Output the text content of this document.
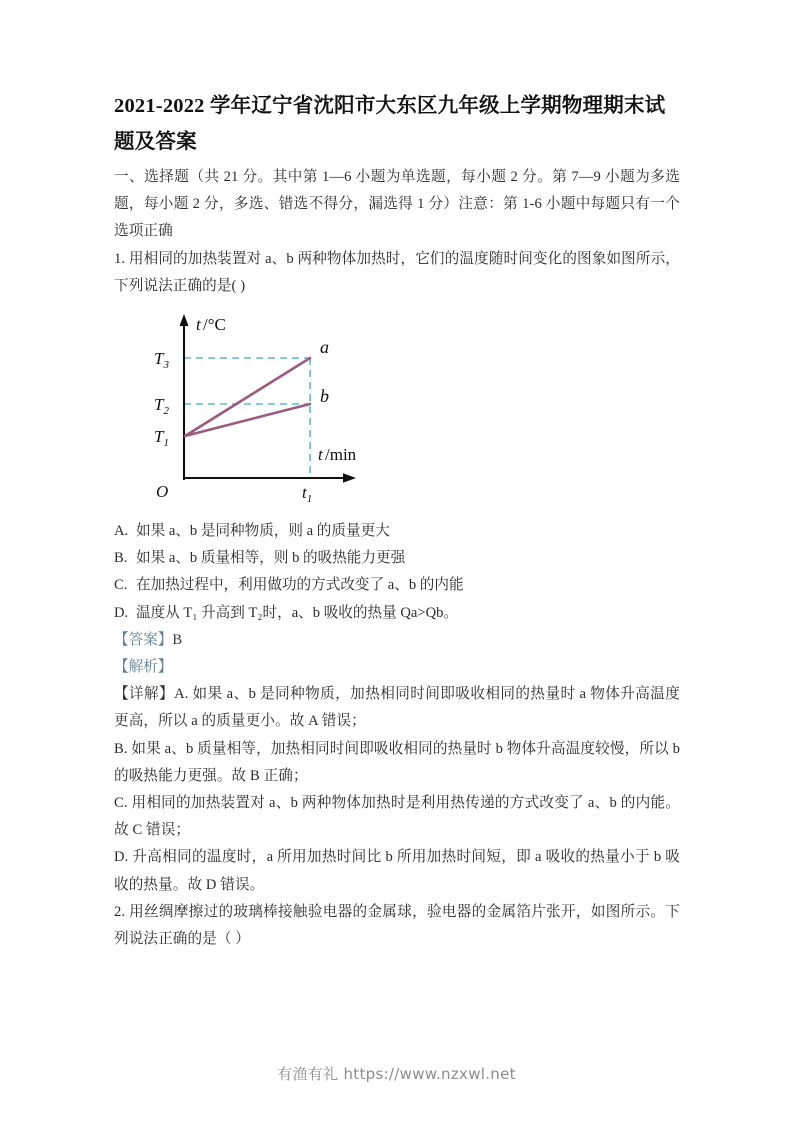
2021-2022 学年辽宁省沈阳市大东区九年级上学期物理期末试题及答案

一、选择题（共 21 分。其中第 1—6 小题为单选题，每小题 2 分。第 7—9 小题为多选题，每小题 2 分，多选、错选不得分，漏选得 1 分）注意：第 1-6 小题中每题只有一个选项正确

1. 用相同的加热装置对 a、b 两种物体加热时，它们的温度随时间变化的图象如图所示，下列说法正确的是( )

t /°C
t /min
O
$T_3$
$T_2$
$T_1$
$t_1$
a
b

A. 如果 a、b 是同种物质，则 a 的质量更大

B. 如果 a、b 质量相等，则 b 的吸热能力更强

C. 在加热过程中，利用做功的方式改变了 a、b 的内能

D. 温度从 T₁ 升高到 T₂时，a、b 吸收的热量 Qa>Qb。

【答案】B

【解析】

【详解】A. 如果 a、b 是同种物质，加热相同时间即吸收相同的热量时 a 物体升高温度更高，所以 a 的质量更小。故 A 错误；

B. 如果 a、b 质量相等，加热相同时间即吸收相同的热量时 b 物体升高温度较慢，所以 b 的吸热能力更强。故 B 正确；

C. 用相同的加热装置对 a、b 两种物体加热时是利用热传递的方式改变了 a、b 的内能。故 C 错误；

D. 升高相同的温度时，a 所用加热时间比 b 所用加热时间短，即 a 吸收的热量小于 b 吸收的热量。故 D 错误。

2. 用丝绸摩擦过的玻璃棒接触验电器的金属球，验电器的金属箔片张开，如图所示。下列说法正确的是（ ）

有渔有礼 https://www.nzxwl.net
